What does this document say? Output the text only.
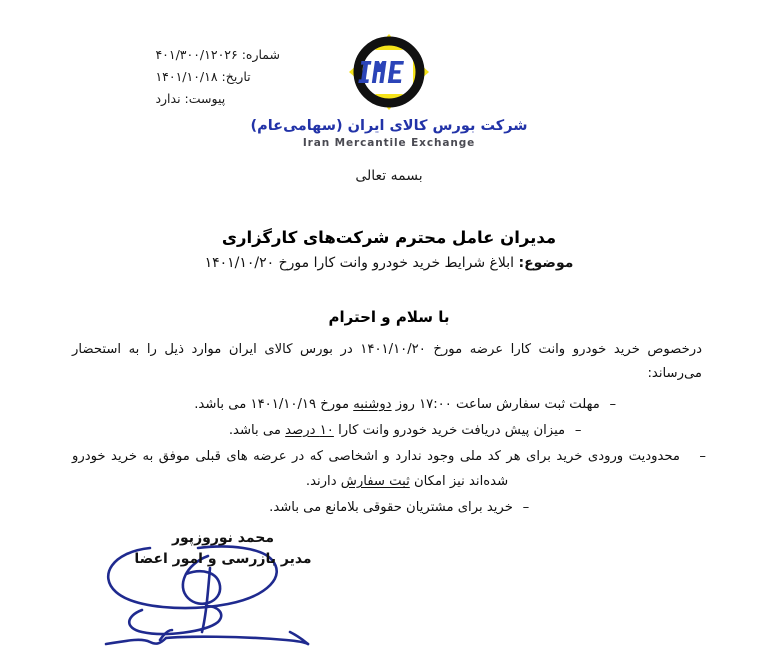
شماره: ۴۰۱/۳۰۰/۱۲۰۲۶
تاریخ: ۱۴۰۱/۱۰/۱۸
پیوست: ندارد
شرکت بورس کالای ایران (سهامی‌عام)
Iran Mercantile Exchange
بسمه تعالی
مدیران عامل محترم شرکت‌های کارگزاری
موضوع: ابلاغ شرایط خرید خودرو وانت کارا مورخ ۱۴۰۱/۱۰/۲۰
با سلام و احترام
درخصوص خرید خودرو وانت کارا عرضه مورخ ۱۴۰۱/۱۰/۲۰ در بورس کالای ایران موارد ذیل را به استحضار می‌رساند:
–مهلت ثبت سفارش ساعت ۱۷:۰۰ روز دوشنبه مورخ ۱۴۰۱/۱۰/۱۹ می باشد.
–میزان پیش دریافت خرید خودرو وانت کارا ۱۰ درصد می باشد.
–محدودیت ورودی خرید برای هر کد ملی وجود ندارد و اشخاصی که در عرضه های قبلی موفق به خرید خودرو
شده‌اند نیز امکان ثبت سفارش دارند.
–خرید برای مشتریان حقوقی بلامانع می باشد.
محمد نوروزپور
مدیر بازرسی و امور اعضا
